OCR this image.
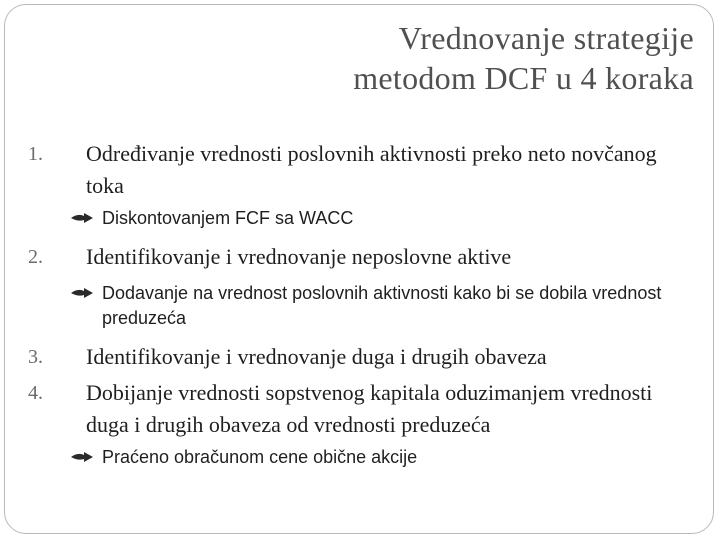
Vrednovanje strategije
metodom DCF u 4 koraka
1.	Određivanje vrednosti poslovnih aktivnosti preko neto novčanog toka
Diskontovanjem FCF sa WACC
2.	Identifikovanje i vrednovanje neposlovne aktive
Dodavanje na vrednost poslovnih aktivnosti kako bi se dobila vrednost preduzeća
3.	Identifikovanje i vrednovanje duga i drugih obaveza
4.	Dobijanje vrednosti sopstvenog kapitala oduzimanjem vrednosti duga i drugih obaveza od vrednosti preduzeća
Praćeno obračunom cene obične akcije
